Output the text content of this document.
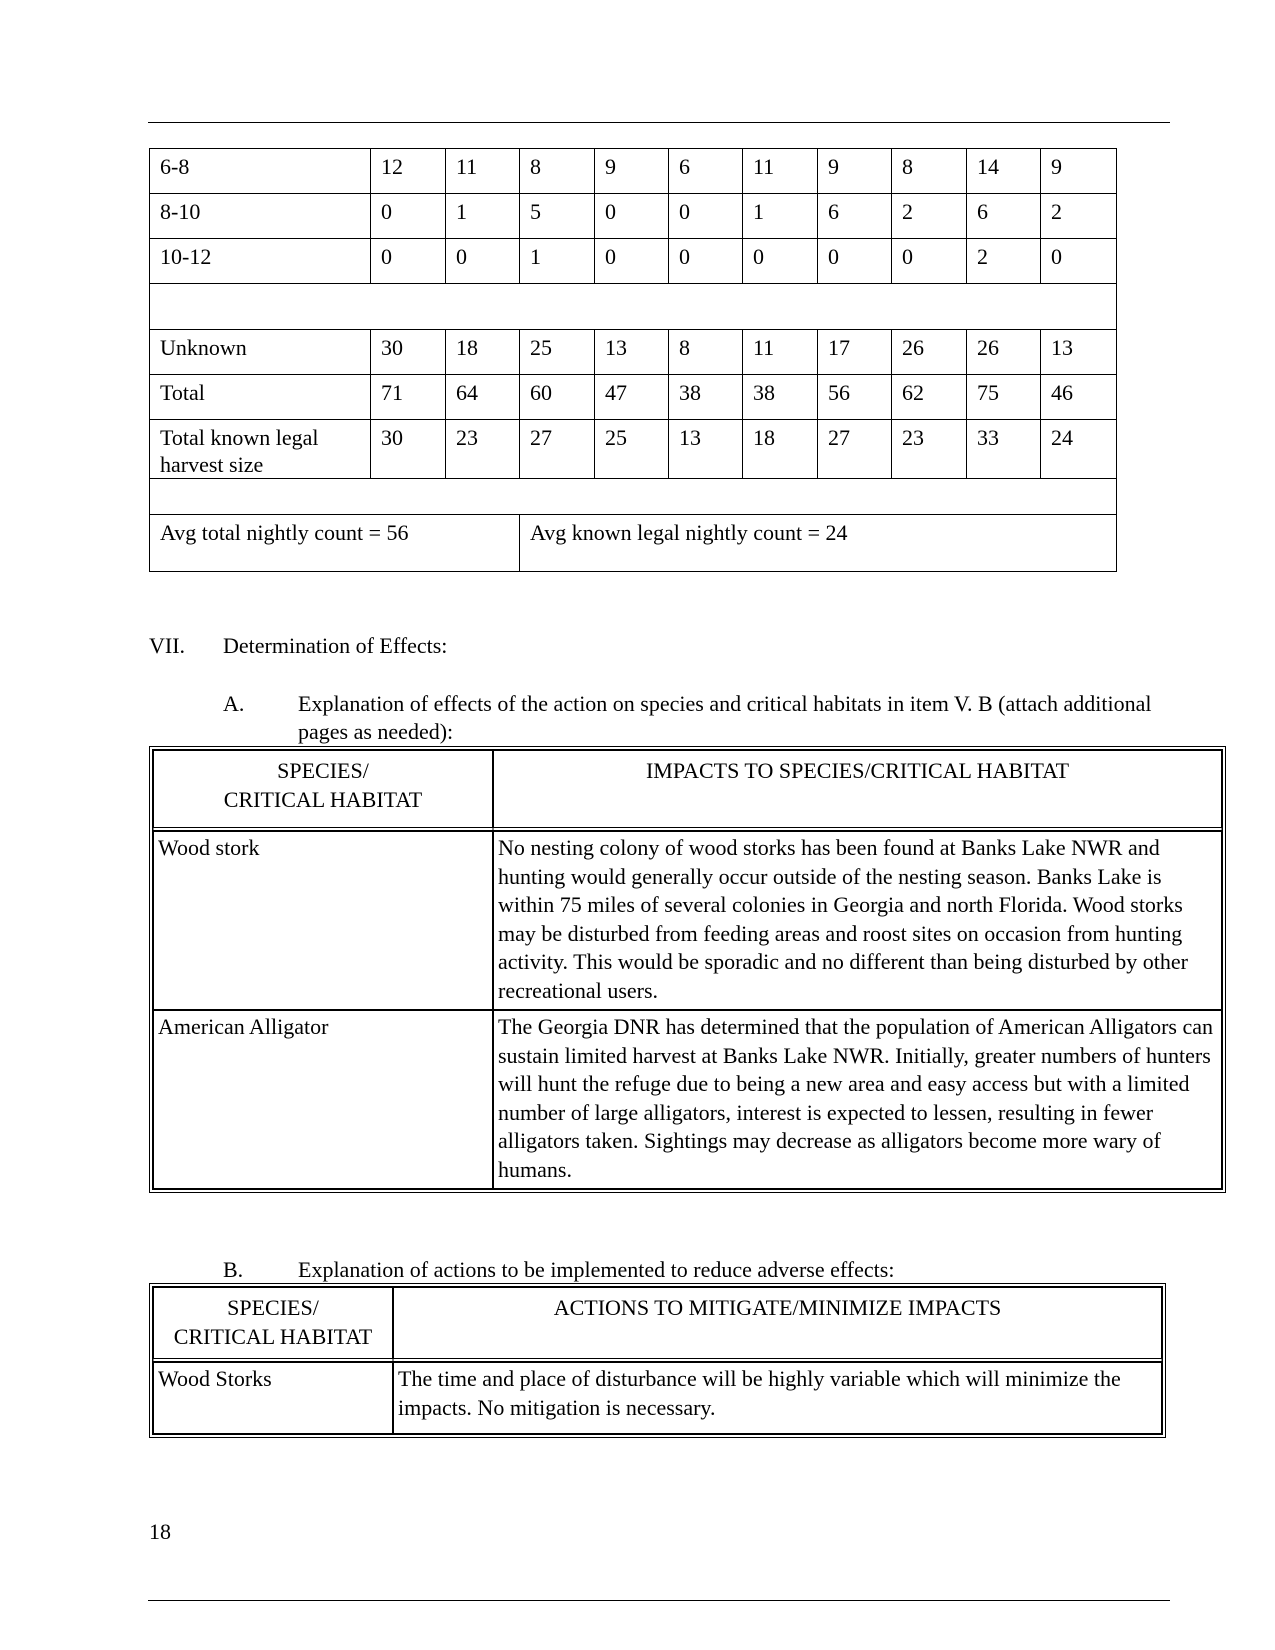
6-8	12	11	8	9	6	11	9	8	14	9
8-10	0	1	5	0	0	1	6	2	6	2
10-12	0	0	1	0	0	0	0	0	2	0

Unknown	30	18	25	13	8	11	17	26	26	13
Total	71	64	60	47	38	38	56	62	75	46
Total known legal harvest size	30	23	27	25	13	18	27	23	33	24

Avg total nightly count = 56			Avg known legal nightly count = 24							
VII. Determination of Effects:
A. Explanation of effects of the action on species and critical habitats in item V. B (attach additional pages as needed):
SPECIES/
CRITICAL HABITAT	IMPACTS TO SPECIES/CRITICAL HABITAT
Wood stork	No nesting colony of wood storks has been found at Banks Lake NWR and hunting would generally occur outside of the nesting season. Banks Lake is within 75 miles of several colonies in Georgia and north Florida. Wood storks may be disturbed from feeding areas and roost sites on occasion from hunting activity. This would be sporadic and no different than being disturbed by other recreational users.
American Alligator	The Georgia DNR has determined that the population of American Alligators can sustain limited harvest at Banks Lake NWR. Initially, greater numbers of hunters will hunt the refuge due to being a new area and easy access but with a limited number of large alligators, interest is expected to lessen, resulting in fewer alligators taken. Sightings may decrease as alligators become more wary of humans.
B. Explanation of actions to be implemented to reduce adverse effects:
SPECIES/
CRITICAL HABITAT	ACTIONS TO MITIGATE/MINIMIZE IMPACTS
Wood Storks	The time and place of disturbance will be highly variable which will minimize the impacts. No mitigation is necessary.
18
